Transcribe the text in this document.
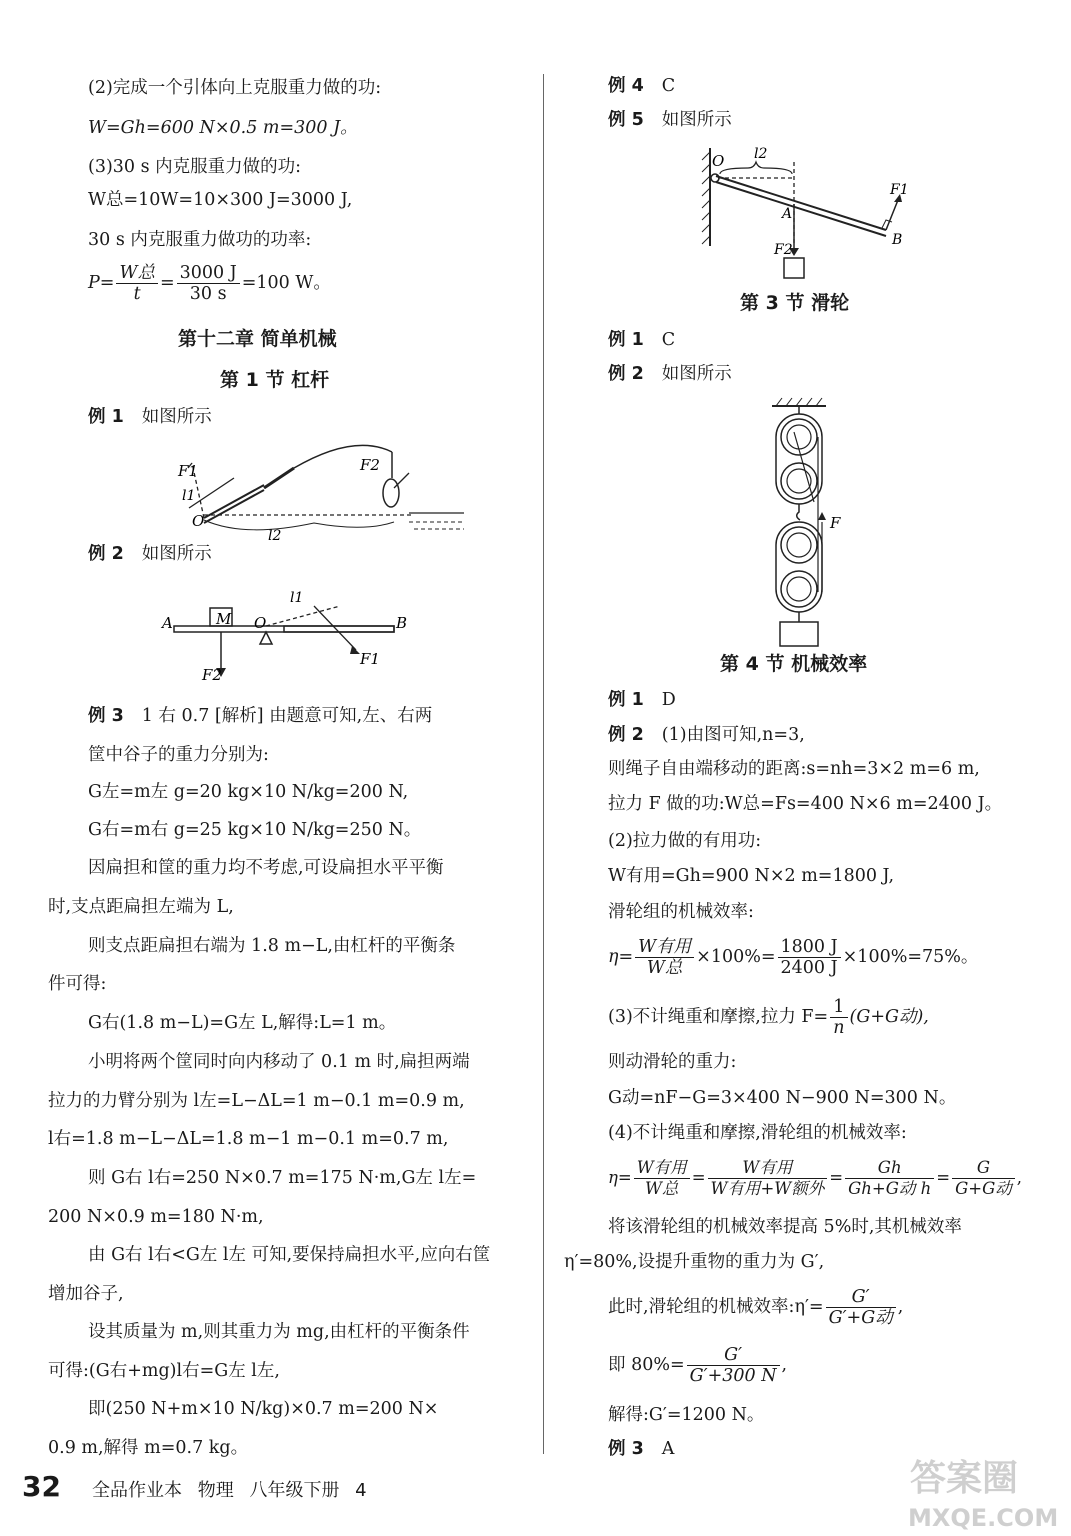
(2)完成一个引体向上克服重力做的功:
W=Gh=600 N×0.5 m=300 J。
(3)30 s 内克服重力做的功:
W总=10W=10×300 J=3000 J,
30 s 内克服重力做功的功率:
$P= \frac{\text{W总}}{t} = \frac{3000 J}{30 s} =100$ W。
第十二章 简单机械
第 1 节 杠杆
例 1 如图所示
F1
l1
F2
O
l2
例 2 如图所示
A	M O	B
l1
F1
F2
例 3 1 右 0.7 [解析] 由题意可知,左、右两
筐中谷子的重力分别为:
G左=m左 g=20 kg×10 N/kg=200 N,
G右=m右 g=25 kg×10 N/kg=250 N。
因扁担和筐的重力均不考虑,可设扁担水平平衡
时,支点距扁担左端为 L,
则支点距扁担右端为 1.8 m−L,由杠杆的平衡条
件可得:
G右(1.8 m−L)=G左 L,解得:L=1 m。
小明将两个筐同时向内移动了 0.1 m 时,扁担两端
拉力的力臂分别为 l左=L−ΔL=1 m−0.1 m=0.9 m,
l右=1.8 m−L−ΔL=1.8 m−1 m−0.1 m=0.7 m,
则 G右 l右=250 N×0.7 m=175 N·m,G左 l左=
200 N×0.9 m=180 N·m,
由 G右 l右<G左 l左 可知,要保持扁担水平,应向右筐
增加谷子,
设其质量为 m,则其重力为 mg,由杠杆的平衡条件
可得:(G右+mg)l右=G左 l左,
即(250 N+m×10 N/kg)×0.7 m=200 N×
0.9 m,解得 m=0.7 kg。
例 4 C
例 5 如图所示
O l2
A
B
F1
F2
第 3 节 滑轮
例 1 C
例 2 如图所示
F
第 4 节 机械效率
例 1 D
例 2 (1)由图可知,n=3,
则绳子自由端移动的距离:s=nh=3×2 m=6 m,
拉力 F 做的功:W总=Fs=400 N×6 m=2400 J。
(2)拉力做的有用功:
W有用=Gh=900 N×2 m=1800 J,
滑轮组的机械效率:
$\eta= \frac{\text{W有用}}{\text{W总}} \times 100\%= \frac{1800 J}{2400 J} \times 100\%=75\%$。
(3)不计绳重和摩擦,拉力 $F= \frac{1}{n} (G+G$动),
则动滑轮的重力:
G动=nF−G=3×400 N−900 N=300 N。
(4)不计绳重和摩擦,滑轮组的机械效率:
$\eta= \frac{\text{W有用}}{\text{W总}} = \frac{\text{W有用}}{\text{W有用+W额外}} = \frac{Gh}{\text{Gh+G动 h}} = \frac{G}{\text{G+G动}}$ ,
将该滑轮组的机械效率提高 5%时,其机械效率
η′=80%,设提升重物的重力为 G′,
此时,滑轮组的机械效率:η′= $\frac{G'}{\text{G′+G动}}$ ,
即 $80\%= \frac{G'}{G'+300 N}$ ,
解得:G′=1200 N。
例 3 A
32 全品作业本 物理 八年级下册 4	答案圈
MXQE.COM
